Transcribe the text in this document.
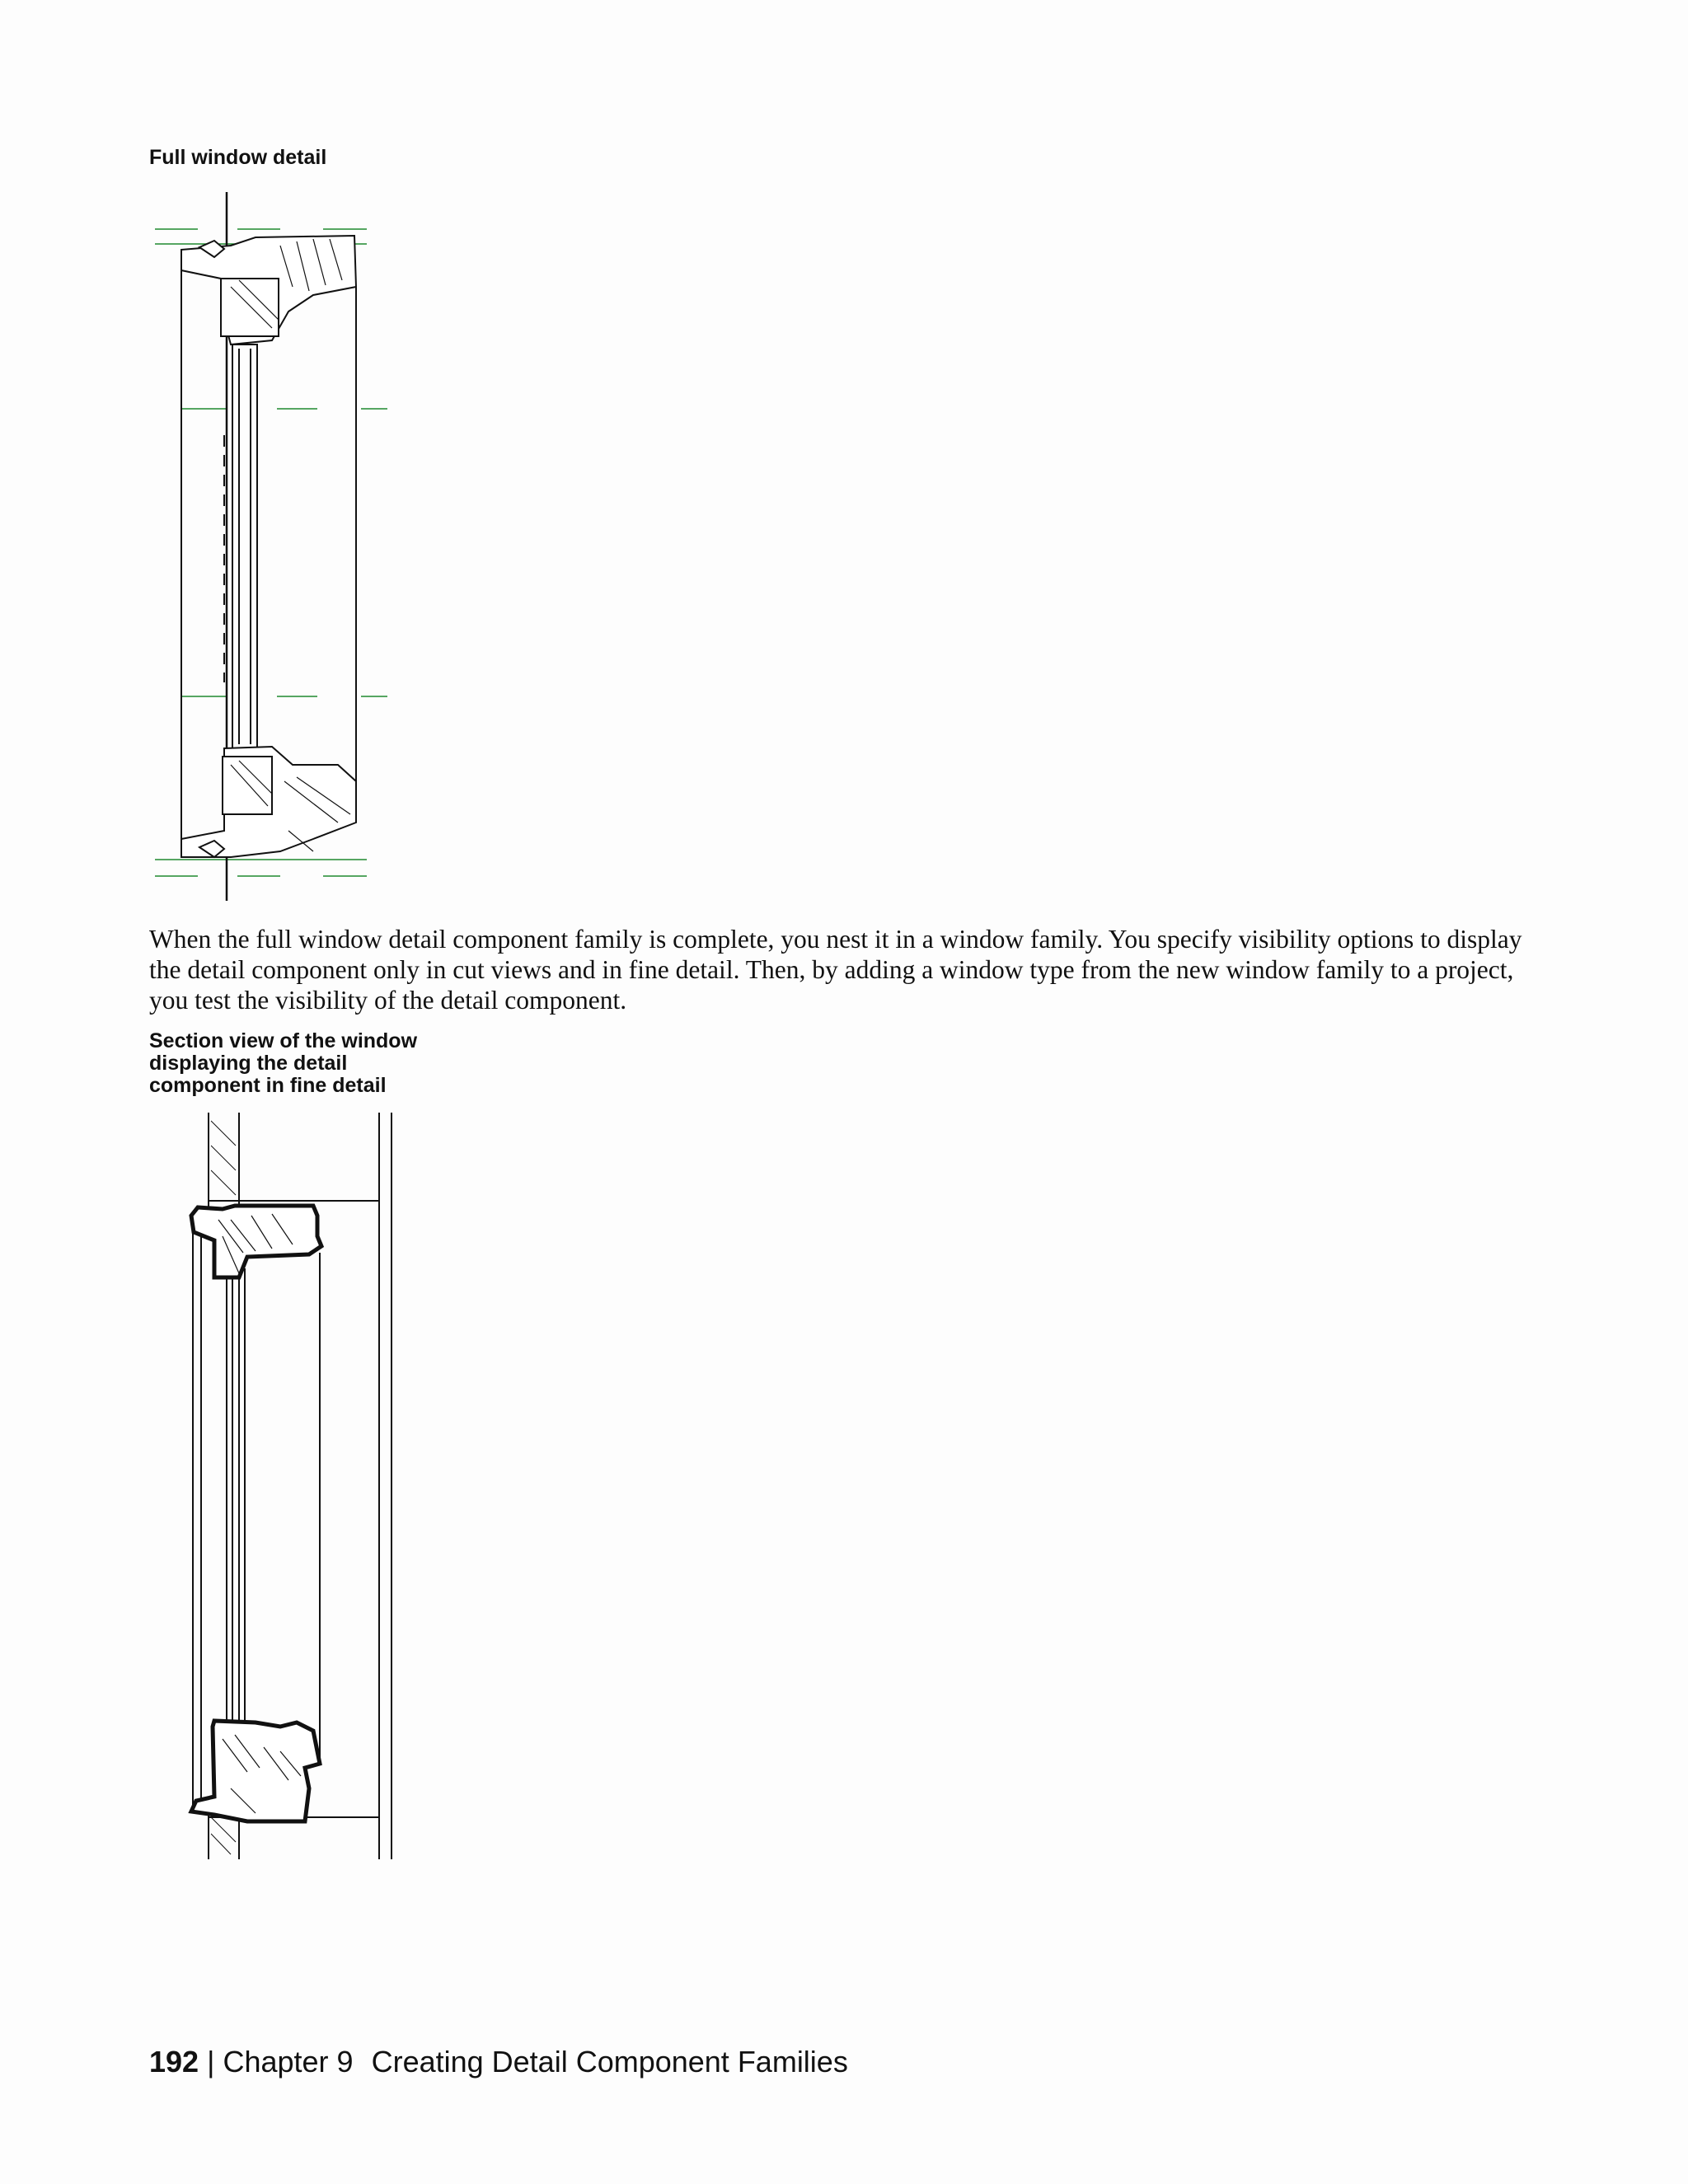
Full window detail
When the full window detail component family is complete, you nest it in a window family. You specify visibility options to display the detail component only in cut views and in fine detail. Then, by adding a window type from the new window family to a project, you test the visibility of the detail component.
Section view of the window displaying the detail component in fine detail
192 | Chapter 9 Creating Detail Component Families
